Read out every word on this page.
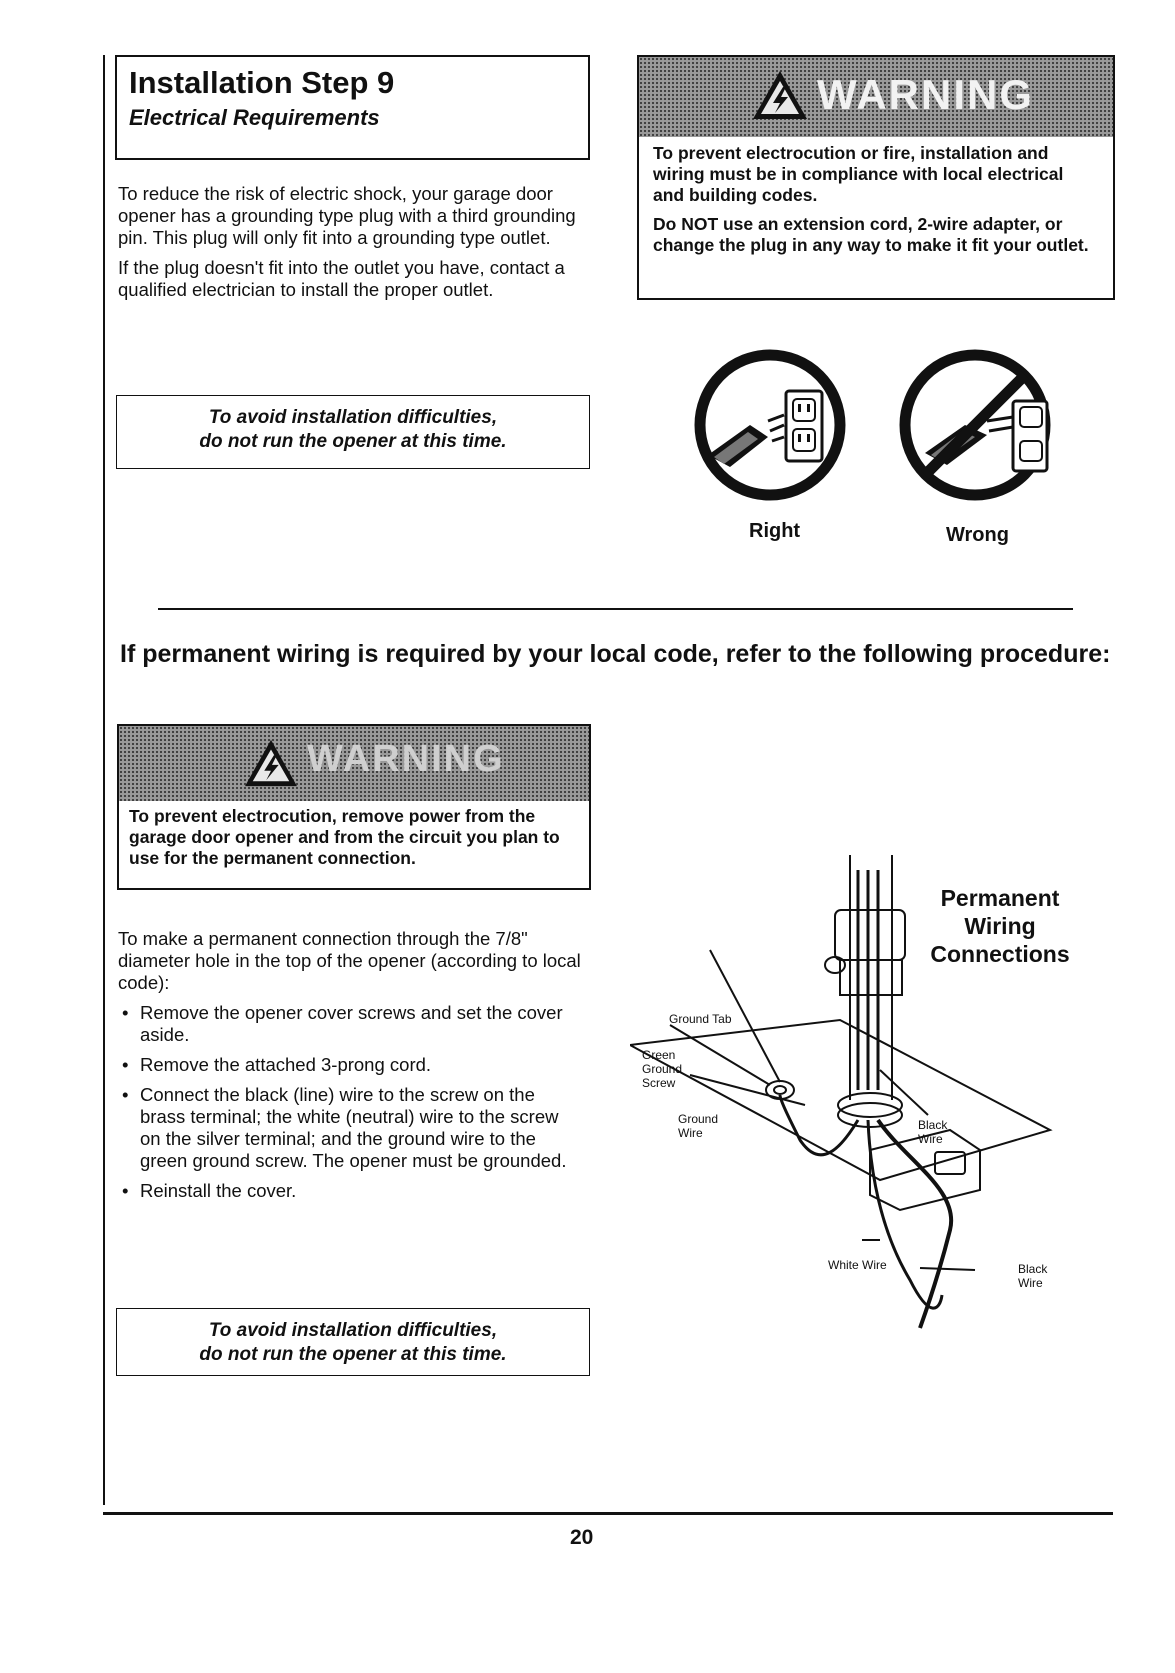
Installation Step 9
Electrical Requirements

To reduce the risk of electric shock, your garage door opener has a grounding type plug with a third grounding pin. This plug will only fit into a grounding type outlet.

If the plug doesn't fit into the outlet you have, contact a qualified electrician to install the proper outlet.

To avoid installation difficulties,
do not run the opener at this time.
WARNING

To prevent electrocution or fire, installation and wiring must be in compliance with local electrical and building codes.

Do NOT use an extension cord, 2-wire adapter, or change the plug in any way to make it fit your outlet.

Right	Wrong
If permanent wiring is required by your local code, refer to the following procedure:
WARNING
To prevent electrocution, remove power from the garage door opener and from the circuit you plan to use for the permanent connection.

To make a permanent connection through the 7/8" diameter hole in the top of the opener (according to local code):

• Remove the opener cover screws and set the cover aside.
• Remove the attached 3-prong cord.
• Connect the black (line) wire to the screw on the brass terminal; the white (neutral) wire to the screw on the silver terminal; and the ground wire to the green ground screw. The opener must be grounded.
• Reinstall the cover.
To avoid installation difficulties,
do not run the opener at this time.
Permanent
Wiring
Connections
Ground Tab
Green
Ground
Screw
Ground
Wire
Black
Wire
White Wire	Black
Wire
20
